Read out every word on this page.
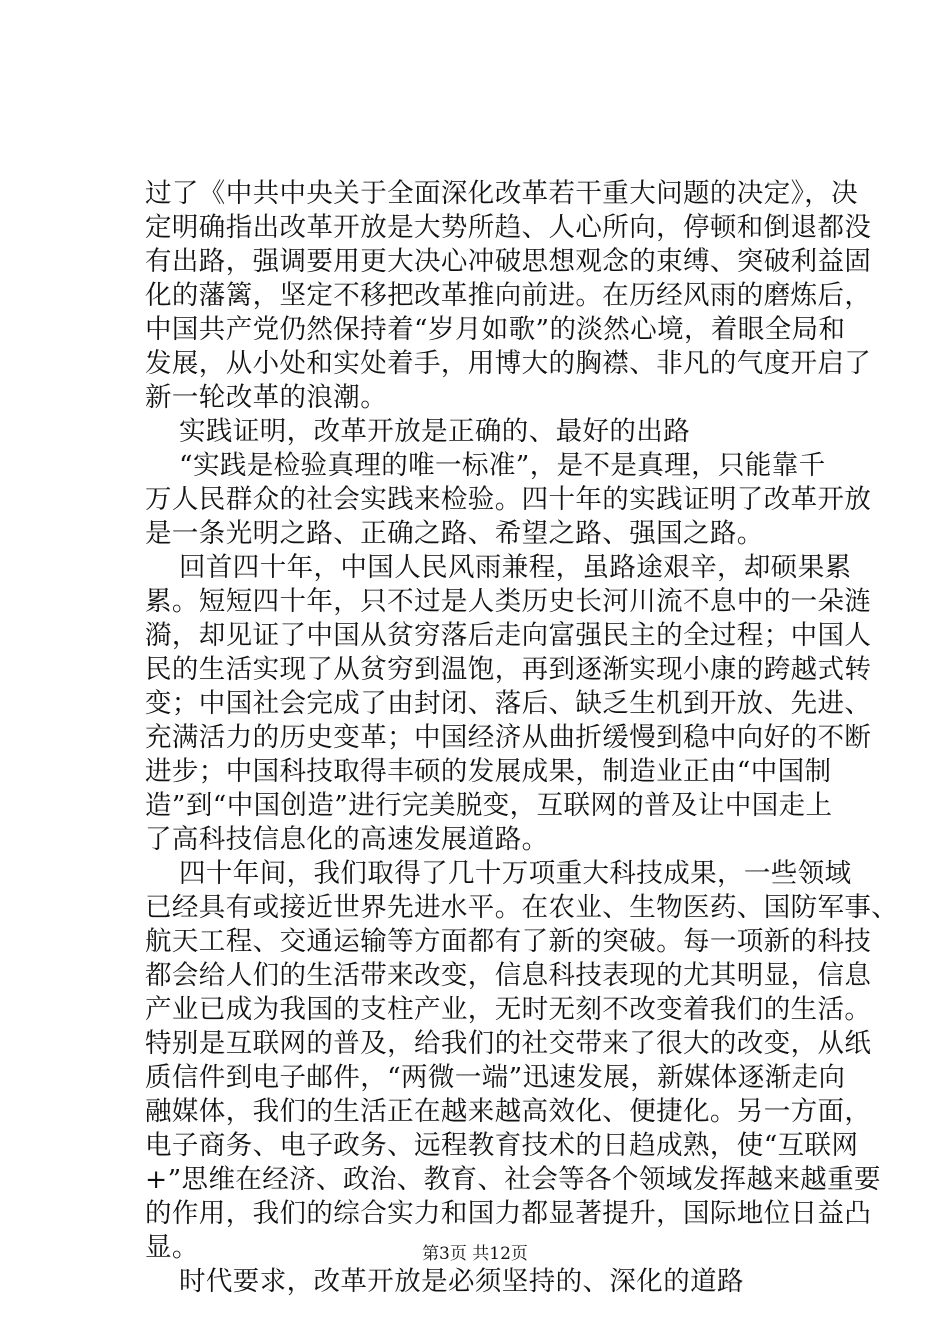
过了《中共中央关于全面深化改革若干重大问题的决定》，决
定明确指出改革开放是大势所趋、人心所向，停顿和倒退都没
有出路，强调要用更大决心冲破思想观念的束缚、突破利益固
化的藩篱，坚定不移把改革推向前进。在历经风雨的磨炼后，
中国共产党仍然保持着“岁月如歌”的淡然心境，着眼全局和
发展，从小处和实处着手，用博大的胸襟、非凡的气度开启了
新一轮改革的浪潮。
实践证明，改革开放是正确的、最好的出路
“实践是检验真理的唯一标准”，是不是真理，只能靠千
万人民群众的社会实践来检验。四十年的实践证明了改革开放
是一条光明之路、正确之路、希望之路、强国之路。
回首四十年，中国人民风雨兼程，虽路途艰辛，却硕果累
累。短短四十年，只不过是人类历史长河川流不息中的一朵涟
漪，却见证了中国从贫穷落后走向富强民主的全过程；中国人
民的生活实现了从贫穷到温饱，再到逐渐实现小康的跨越式转
变；中国社会完成了由封闭、落后、缺乏生机到开放、先进、
充满活力的历史变革；中国经济从曲折缓慢到稳中向好的不断
进步；中国科技取得丰硕的发展成果，制造业正由“中国制
造”到“中国创造”进行完美脱变，互联网的普及让中国走上
了高科技信息化的高速发展道路。
四十年间，我们取得了几十万项重大科技成果，一些领域
已经具有或接近世界先进水平。在农业、生物医药、国防军事、
航天工程、交通运输等方面都有了新的突破。每一项新的科技
都会给人们的生活带来改变，信息科技表现的尤其明显，信息
产业已成为我国的支柱产业，无时无刻不改变着我们的生活。
特别是互联网的普及，给我们的社交带来了很大的改变，从纸
质信件到电子邮件，“两微一端”迅速发展，新媒体逐渐走向
融媒体，我们的生活正在越来越高效化、便捷化。另一方面，
电子商务、电子政务、远程教育技术的日趋成熟，使“互联网
+”思维在经济、政治、教育、社会等各个领域发挥越来越重要
的作用，我们的综合实力和国力都显著提升，国际地位日益凸
显。
时代要求，改革开放是必须坚持的、深化的道路
第3页 共12页
